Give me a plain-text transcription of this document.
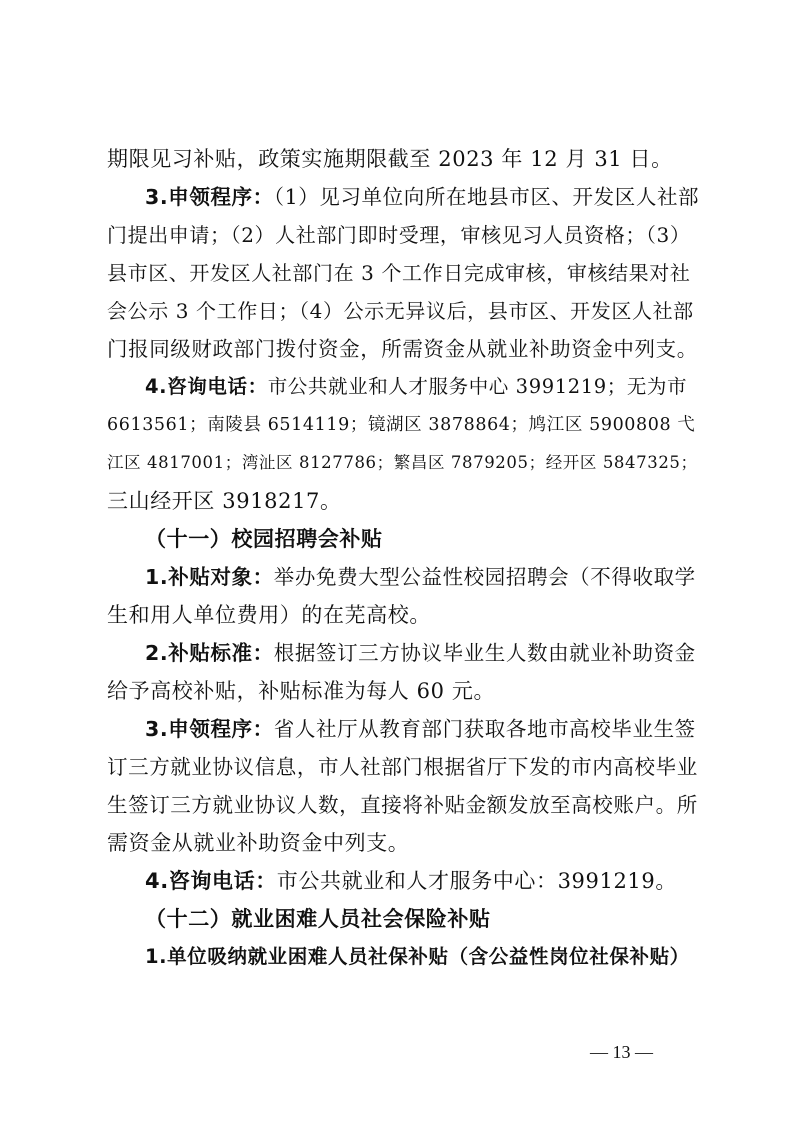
期限见习补贴，政策实施期限截至 2023 年 12 月 31 日。
3.申领程序：（1）见习单位向所在地县市区、开发区人社部
门提出申请；（2）人社部门即时受理，审核见习人员资格；（3）
县市区、开发区人社部门在 3 个工作日完成审核，审核结果对社
会公示 3 个工作日；（4）公示无异议后，县市区、开发区人社部
门报同级财政部门拨付资金，所需资金从就业补助资金中列支。
4.咨询电话：市公共就业和人才服务中心 3991219；无为市
6613561；南陵县 6514119；镜湖区 3878864；鸠江区 5900808 弋
江区 4817001；湾沚区 8127786；繁昌区 7879205；经开区 5847325；
三山经开区 3918217。
（十一）校园招聘会补贴
1.补贴对象：举办免费大型公益性校园招聘会（不得收取学
生和用人单位费用）的在芜高校。
2.补贴标准：根据签订三方协议毕业生人数由就业补助资金
给予高校补贴，补贴标准为每人 60 元。
3.申领程序：省人社厅从教育部门获取各地市高校毕业生签
订三方就业协议信息，市人社部门根据省厅下发的市内高校毕业
生签订三方就业协议人数，直接将补贴金额发放至高校账户。所
需资金从就业补助资金中列支。
4.咨询电话：市公共就业和人才服务中心：3991219。
（十二）就业困难人员社会保险补贴
1.单位吸纳就业困难人员社保补贴（含公益性岗位社保补贴）
— 13 —
